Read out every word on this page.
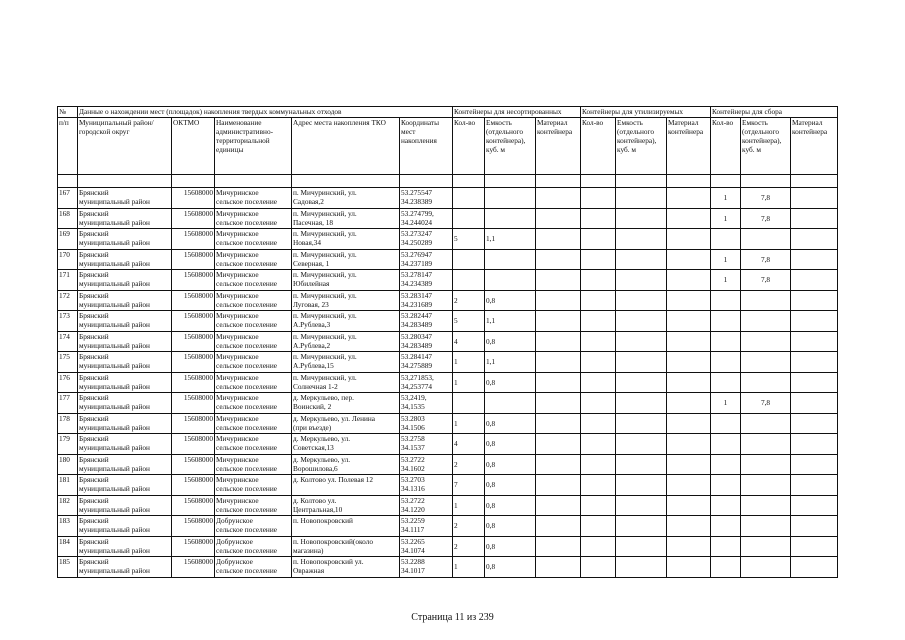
№	Данные о нахождении мест (площадок) накопления твердых коммунальных отходов					Контейнеры для несортированных			Контейнеры для утилизируемых			Контейнеры для сбора		
п/п	Муниципальный район/городской округ	ОКТМО	Наименование административно-территориальной единицы	Адрес места накопления ТКО	Координаты мест накопления	Кол-во	Емкость (отдельного контейнера), куб. м	Материал контейнера	Кол-во	Емкость (отдельного контейнера), куб. м	Материал контейнера	Кол-во	Емкость (отдельного контейнера), куб. м	Материал контейнера

167	Брянский
муниципальный район	15608000	Мичуринское
сельское поселение	п. Мичуринский, ул.
Садовая,2	53.275547
34.238389							1	7,8	
168	Брянский
муниципальный район	15608000	Мичуринское
сельское поселение	п. Мичуринский, ул.
Пасечная, 18	53.274799,
34.244024							1	7,8	
169	Брянский
муниципальный район	15608000	Мичуринское
сельское поселение	п. Мичуринский, ул.
Новая,34	53.273247
34.250289	5	1,1							
170	Брянский
муниципальный район	15608000	Мичуринское
сельское поселение	п. Мичуринский, ул.
Северная, 1	53.276947
34.237189							1	7,8	
171	Брянский
муниципальный район	15608000	Мичуринское
сельское поселение	п. Мичуринский, ул.
Юбилейная	53.278147
34.234389							1	7,8	
172	Брянский
муниципальный район	15608000	Мичуринское
сельское поселение	п. Мичуринский, ул.
Луговая, 23	53.283147
34.231689	2	0,8							
173	Брянский
муниципальный район	15608000	Мичуринское
сельское поселение	п. Мичуринский, ул.
А.Рублева,3	53.282447
34.283489	5	1,1							
174	Брянский
муниципальный район	15608000	Мичуринское
сельское поселение	п. Мичуринский, ул.
А.Рублева,2	53.280347
34.283489	4	0,8							
175	Брянский
муниципальный район	15608000	Мичуринское
сельское поселение	п. Мичуринский, ул.
А.Рублева,15	53.284147
34.275889	1	1,1							
176	Брянский
муниципальный район	15608000	Мичуринское
сельское поселение	п. Мичуринский, ул.
Солнечная 1-2	53,271853,
34,253774	1	0,8							
177	Брянский
муниципальный район	15608000	Мичуринское
сельское поселение	д. Меркульево, пер.
Воинский, 2	53,2419,
34,1535							1	7,8	
178	Брянский
муниципальный район	15608000	Мичуринское
сельское поселение	д. Меркульево, ул. Ленина
(при въезде)	53.2803
34.1506	1	0,8							
179	Брянский
муниципальный район	15608000	Мичуринское
сельское поселение	д. Меркульево, ул.
Советская,13	53.2758
34.1537	4	0,8							
180	Брянский
муниципальный район	15608000	Мичуринское
сельское поселение	д. Меркульево, ул.
Ворошилова,6	53.2722
34.1602	2	0,8							
181	Брянский
муниципальный район	15608000	Мичуринское
сельское поселение	д. Колтово ул. Полевая 12	53.2703
34.1316	7	0,8							
182	Брянский
муниципальный район	15608000	Мичуринское
сельское поселение	д. Колтово ул.
Центральная,10	53.2722
34.1220	1	0,8							
183	Брянский
муниципальный район	15608000	Добрунское
сельское поселение	п. Новопокровский	53.2259
34.1117	2	0,8							
184	Брянский
муниципальный район	15608000	Добрунское
сельское поселение	п. Новопокровский(около
магазина)	53.2265
34.1074	2	0,8							
185	Брянский
муниципальный район	15608000	Добрунское
сельское поселение	п. Новопокровский ул.
Овражная	53.2288
34.1017	1	0,8							
Страница 11 из 239
